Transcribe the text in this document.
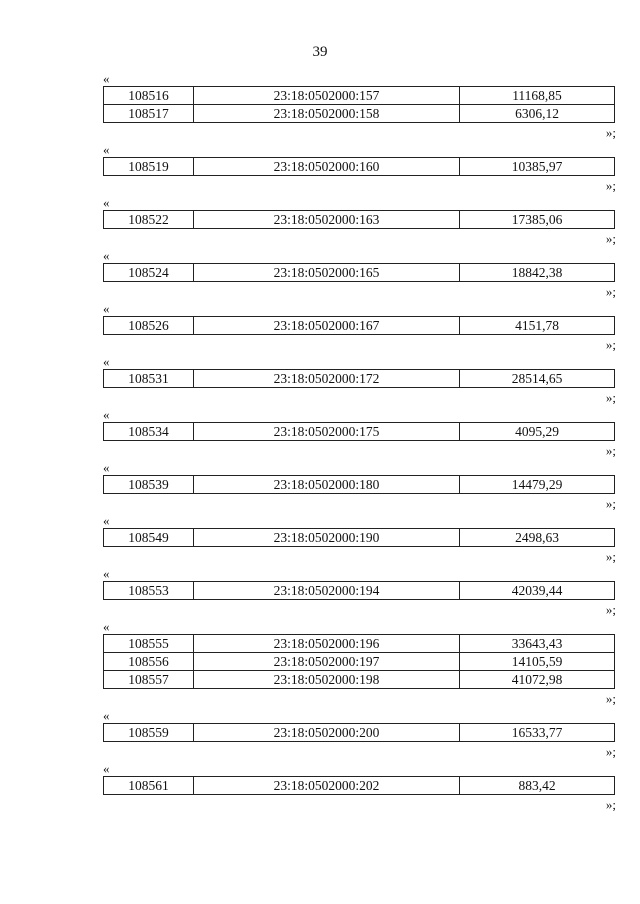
39
«
108516	23:18:0502000:157	11168,85
108517	23:18:0502000:158	6306,12
»;
«
108519	23:18:0502000:160	10385,97
»;
«
108522	23:18:0502000:163	17385,06
»;
«
108524	23:18:0502000:165	18842,38
»;
«
108526	23:18:0502000:167	4151,78
»;
«
108531	23:18:0502000:172	28514,65
»;
«
108534	23:18:0502000:175	4095,29
»;
«
108539	23:18:0502000:180	14479,29
»;
«
108549	23:18:0502000:190	2498,63
»;
«
108553	23:18:0502000:194	42039,44
»;
«
108555	23:18:0502000:196	33643,43
108556	23:18:0502000:197	14105,59
108557	23:18:0502000:198	41072,98
»;
«
108559	23:18:0502000:200	16533,77
»;
«
108561	23:18:0502000:202	883,42
»;
